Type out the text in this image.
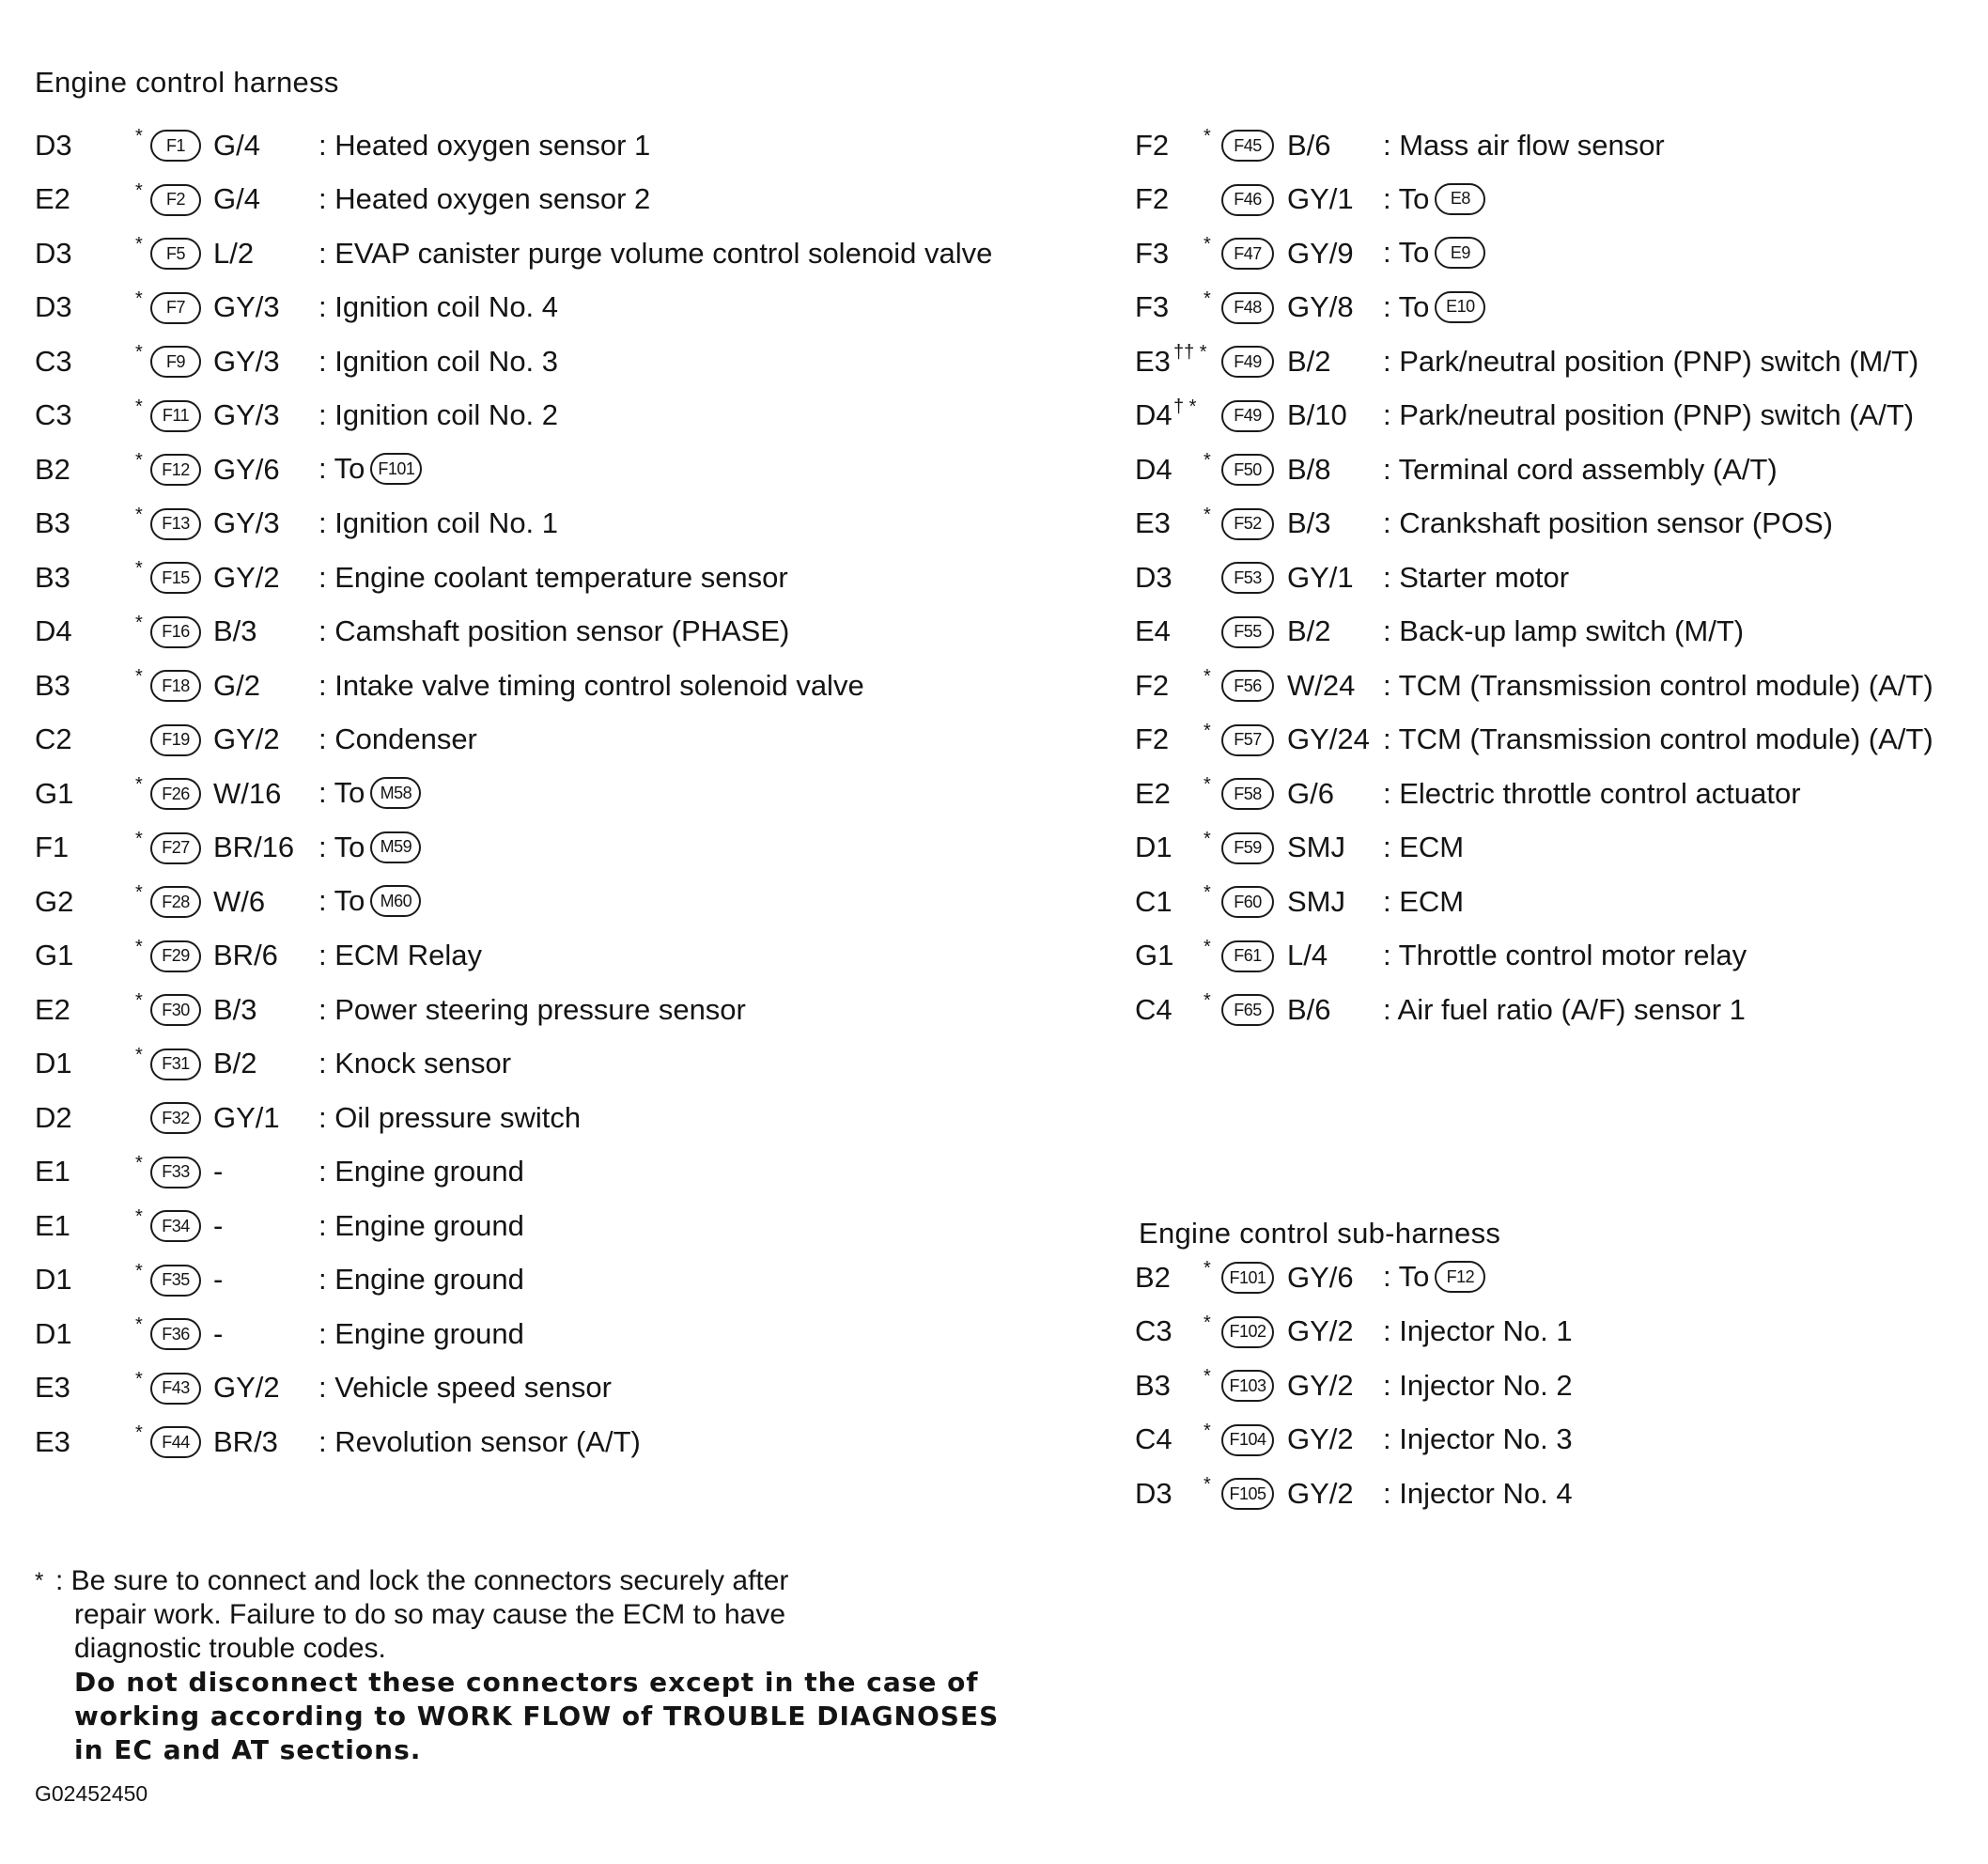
Engine control harness
D3	*	F1 G/4 : Heated oxygen sensor 1
E2	*	F2 G/4 : Heated oxygen sensor 2
D3	*	F5 L/2 : EVAP canister purge volume control solenoid valve
D3	*	F7 GY/3 : Ignition coil No. 4
C3	*	F9 GY/3 : Ignition coil No. 3
C3	*	F11 GY/3 : Ignition coil No. 2
B2	*	F12 GY/6 : To F101
B3	*	F13 GY/3 : Ignition coil No. 1
B3	*	F15 GY/2 : Engine coolant temperature sensor
D4	*	F16 B/3 : Camshaft position sensor (PHASE)
B3	*	F18 G/2 : Intake valve timing control solenoid valve
C2	F19 GY/2 : Condenser
G1	*	F26 W/16 : To M58
F1	*	F27 BR/16 : To M59
G2	*	F28 W/6 : To M60
G1	*	F29 BR/6 : ECM Relay
E2	*	F30 B/3 : Power steering pressure sensor
D1	*	F31 B/2 : Knock sensor
D2	F32 GY/1 : Oil pressure switch
E1	*	F33 -	: Engine ground
E1	*	F34 -	: Engine ground
D1	*	F35 -	: Engine ground
D1	*	F36 -	: Engine ground
E3	*	F43 GY/2 : Vehicle speed sensor
E3	*	F44 BR/3 : Revolution sensor (A/T)
F2 *	F45 B/6 : Mass air flow sensor
F2	F46 GY/1 : To E8
F3 *	F47 GY/9 : To E9
F3 *	F48 GY/8 : To E10
E3 †† *	F49 B/2 : Park/neutral position (PNP) switch (M/T)
D4 † *	F49 B/10 : Park/neutral position (PNP) switch (A/T)
D4 *	F50 B/8 : Terminal cord assembly (A/T)
E3 *	F52 B/3 : Crankshaft position sensor (POS)
D3	F53 GY/1 : Starter motor
E4	F55 B/2 : Back-up lamp switch (M/T)
F2 *	F56 W/24 : TCM (Transmission control module) (A/T)
F2 *	F57 GY/24 : TCM (Transmission control module) (A/T)
E2 *	F58 G/6 : Electric throttle control actuator
D1 *	F59 SMJ : ECM
C1 *	F60 SMJ : ECM
G1 *	F61 L/4 : Throttle control motor relay
C4 *	F65 B/6 : Air fuel ratio (A/F) sensor 1
Engine control sub-harness
B2 *	F101 GY/6 : To F12
C3 *	F102 GY/2 : Injector No. 1
B3 *	F103 GY/2 : Injector No. 2
C4 *	F104 GY/2 : Injector No. 3
D3 *	F105 GY/2 : Injector No. 4
* : Be sure to connect and lock the connectors securely after
repair work. Failure to do so may cause the ECM to have
diagnostic trouble codes.
Do not disconnect these connectors except in the case of
working according to WORK FLOW of TROUBLE DIAGNOSES
in EC and AT sections.
G02452450
